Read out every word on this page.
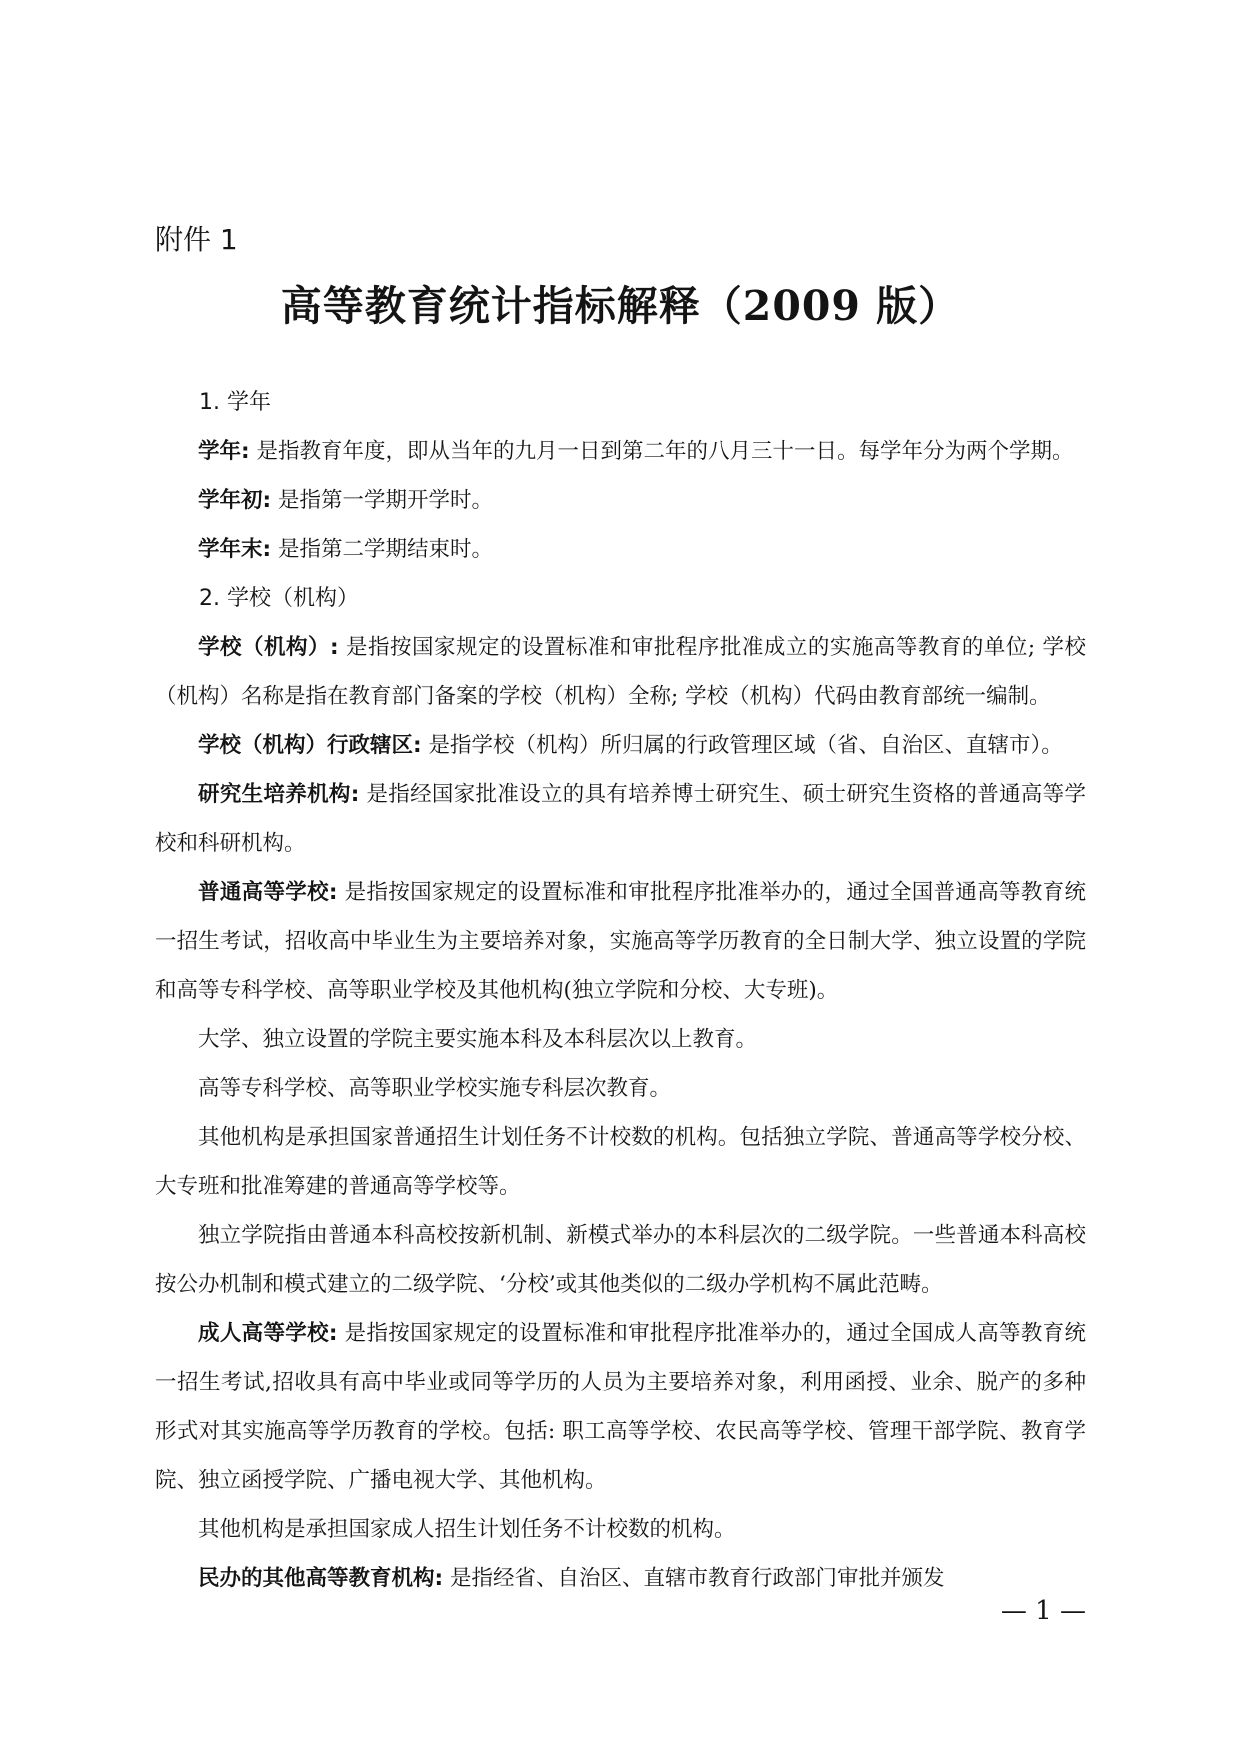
附件 1
高等教育统计指标解释（2009 版）

1. 学年

学年: 是指教育年度，即从当年的九月一日到第二年的八月三十一日。每学年分为两个学期。

学年初: 是指第一学期开学时。

学年末: 是指第二学期结束时。

2. 学校（机构）

学校（机构）: 是指按国家规定的设置标准和审批程序批准成立的实施高等教育的单位; 学校（机构）名称是指在教育部门备案的学校（机构）全称; 学校（机构）代码由教育部统一编制。

学校（机构）行政辖区: 是指学校（机构）所归属的行政管理区域（省、自治区、直辖市）。

研究生培养机构: 是指经国家批准设立的具有培养博士研究生、硕士研究生资格的普通高等学校和科研机构。

普通高等学校: 是指按国家规定的设置标准和审批程序批准举办的，通过全国普通高等教育统一招生考试，招收高中毕业生为主要培养对象，实施高等学历教育的全日制大学、独立设置的学院和高等专科学校、高等职业学校及其他机构(独立学院和分校、大专班)。

大学、独立设置的学院主要实施本科及本科层次以上教育。

高等专科学校、高等职业学校实施专科层次教育。

其他机构是承担国家普通招生计划任务不计校数的机构。包括独立学院、普通高等学校分校、大专班和批准筹建的普通高等学校等。

独立学院指由普通本科高校按新机制、新模式举办的本科层次的二级学院。一些普通本科高校按公办机制和模式建立的二级学院、‘分校’或其他类似的二级办学机构不属此范畴。

成人高等学校: 是指按国家规定的设置标准和审批程序批准举办的，通过全国成人高等教育统一招生考试,招收具有高中毕业或同等学历的人员为主要培养对象，利用函授、业余、脱产的多种形式对其实施高等学历教育的学校。包括: 职工高等学校、农民高等学校、管理干部学院、教育学院、独立函授学院、广播电视大学、其他机构。

其他机构是承担国家成人招生计划任务不计校数的机构。

民办的其他高等教育机构: 是指经省、自治区、直辖市教育行政部门审批并颁发

— 1 —
